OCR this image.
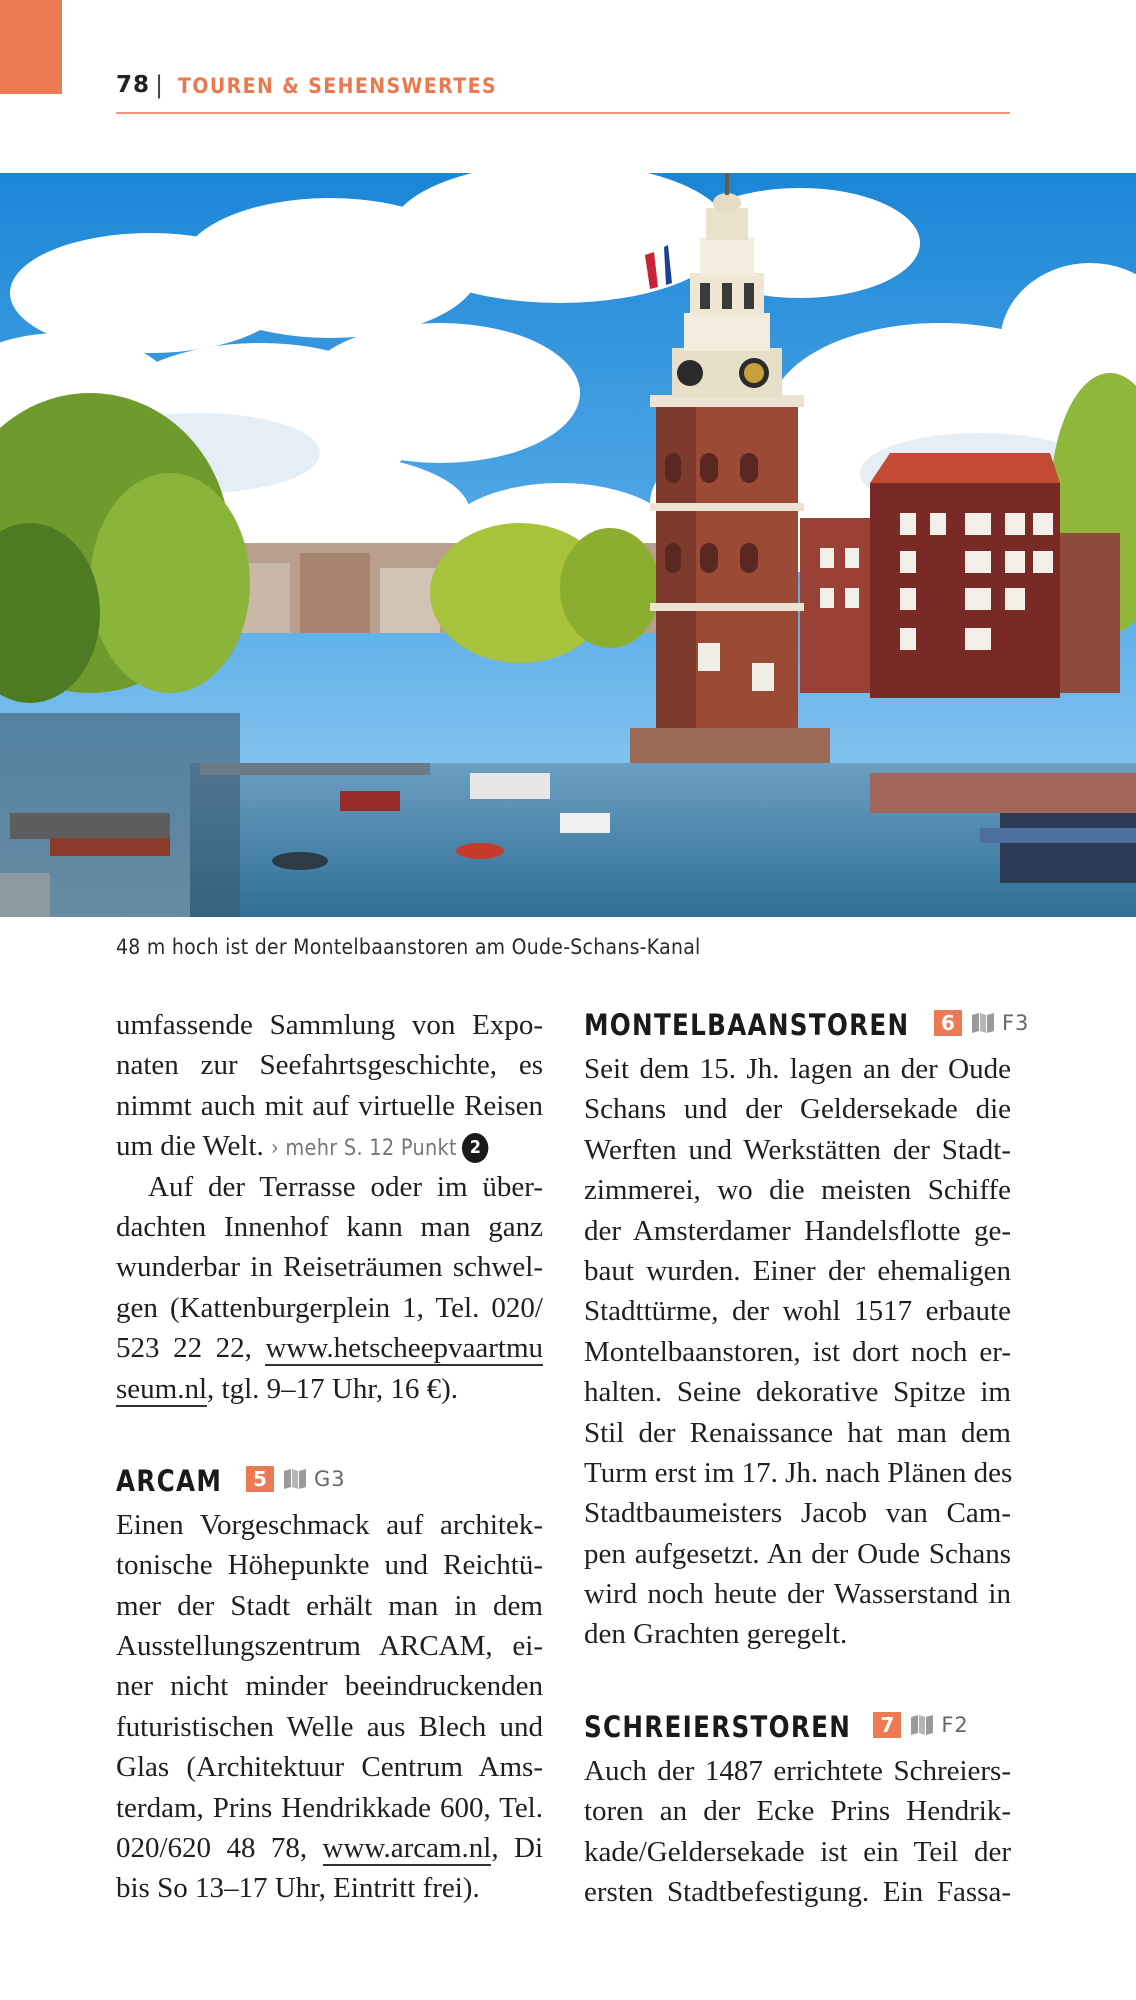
78 | TOUREN & SEHENSWERTES
48 m hoch ist der Montelbaanstoren am Oude-Schans-Kanal
umfassende Sammlung von Expo-
naten zur Seefahrtsgeschichte, es
nimmt auch mit auf virtuelle Reisen
um die Welt. › mehr S. 12 Punkt 2
Auf der Terrasse oder im über-
dachten Innenhof kann man ganz
wunderbar in Reiseträumen schwel-
gen (Kattenburgerplein 1, Tel. 020/
523 22 22, www.hetscheepvaartmu
seum.nl, tgl. 9–17 Uhr, 16 €).
ARCAM	5	G3
Einen Vorgeschmack auf architek-
tonische Höhepunkte und Reichtü-
mer der Stadt erhält man in dem
Ausstellungszentrum ARCAM, ei-
ner nicht minder beeindruckenden
futuristischen Welle aus Blech und
Glas (Architektuur Centrum Ams-
terdam, Prins Hendrikkade 600, Tel.
020/620 48 78, www.arcam.nl, Di
bis So 13–17 Uhr, Eintritt frei).
MONTELBAANSTOREN	6	F3
Seit dem 15. Jh. lagen an der Oude
Schans und der Geldersekade die
Werften und Werkstätten der Stadt-
zimmerei, wo die meisten Schiffe
der Amsterdamer Handelsflotte ge-
baut wurden. Einer der ehemaligen
Stadttürme, der wohl 1517 erbaute
Montelbaanstoren, ist dort noch er-
halten. Seine dekorative Spitze im
Stil der Renaissance hat man dem
Turm erst im 17. Jh. nach Plänen des
Stadtbaumeisters Jacob van Cam-
pen aufgesetzt. An der Oude Schans
wird noch heute der Wasserstand in
den Grachten geregelt.
SCHREIERSTOREN	7	F2
Auch der 1487 errichtete Schreiers-
toren an der Ecke Prins Hendrik-
kade/Geldersekade ist ein Teil der
ersten Stadtbefestigung. Ein Fassa-
